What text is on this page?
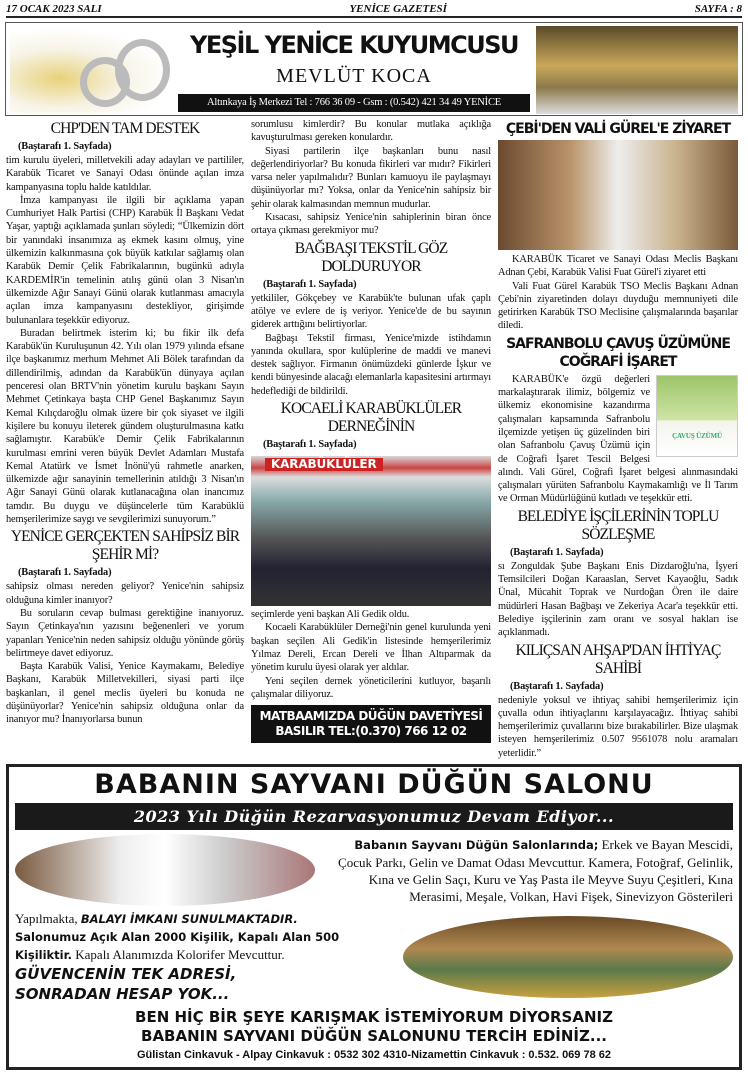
17 OCAK 2023 SALI	YENİCE GAZETESİ	SAYFA : 8
YEŞİL YENİCE KUYUMCUSU
MEVLÜT KOCA
Altınkaya İş Merkezi Tel : 766 36 09 - Gsm : (0.542) 421 34 49 YENİCE
CHP'DEN TAM DESTEK
(Baştarafı 1. Sayfada)

tim kurulu üyeleri, milletvekili aday adayları ve partililer, Karabük Ticaret ve Sanayi Odası önünde açılan imza kampanyasına toplu halde katıldılar.

İmza kampanyası ile ilgili bir açıklama yapan Cumhuriyet Halk Partisi (CHP) Karabük İl Başkanı Vedat Yaşar, yaptığı açıklamada şunları söyledi; “Ülkemizin dört bir yanındaki insanımıza aş ekmek kasını olmuş, yine ülkemizin kalkınmasına çok büyük katkılar sağlamış olan Karabük Demir Çelik Fabrikalarının, bugünkü adıyla KARDEMİR'in temelinin atılış günü olan 3 Nisan'ın ülkemizde Ağır Sanayi Günü olarak kutlanması amacıyla açılan imza kampanyasını destekliyor, girişimde bulunanlara teşekkür ediyoruz.

Buradan belirtmek isterim ki; bu fikir ilk defa Karabük'ün Kuruluşunun 42. Yılı olan 1979 yılında efsane ilçe başkanımız merhum Mehmet Ali Bölek tarafından da dillendirilmiş, adından da Karabük'ün dünyaya açılan penceresi olan BRTV'nin yönetim kurulu başkanı Sayın Mehmet Çetinkaya başta CHP Genel Başkanımız Sayın Kemal Kılıçdaroğlu olmak üzere bir çok siyaset ve ilgili kişilere bu konuyu ileterek gündem oluşturulmasına katkı sağlamıştır. Karabük'e Demir Çelik Fabrikalarının kurulması emrini veren büyük Devlet Adamları Mustafa Kemal Atatürk ve İsmet İnönü'yü rahmetle anarken, ülkemizde ağır sanayinin temellerinin atıldığı 3 Nisan'ın Ağır Sanayi Günü olarak kutlanacağına olan inancımız tamdır. Bu duygu ve düşüncelerle tüm Karabüklü hemşerilerimize saygı ve sevgilerimizi sunuyorum.”

YENİCE GERÇEKTEN SAHİPSİZ BİR ŞEHİR Mİ?
(Baştarafı 1. Sayfada)

sahipsiz olması nereden geliyor? Yenice'nin sahipsiz olduğuna kimler inanıyor?

Bu soruların cevap bulması gerektiğine inanıyoruz. Sayın Çetinkaya'nın yazısını beğenenleri ve yorum yapanları Yenice'nin neden sahipsiz olduğu yönünde görüş belirtmeye davet ediyoruz.

Başta Karabük Valisi, Yenice Kaymakamı, Belediye Başkanı, Karabük Milletvekilleri, siyasi parti ilçe başkanları, il genel meclis üyeleri bu konuda ne düşünüyorlar? Yenice'nin sahipsiz olduğuna onlar da inanıyor mu? İnanıyorlarsa bunun

sorumlusu kimlerdir? Bu konular mutlaka açıklığa kavuşturulması gereken konulardır.

Siyasi partilerin ilçe başkanları bunu nasıl değerlendiriyorlar? Bu konuda fikirleri var mıdır? Fikirleri varsa neler yapılmalıdır? Bunları kamuoyu ile paylaşmayı düşünüyorlar mı? Yoksa, onlar da Yenice'nin sahipsiz bir şehir olarak kalmasından memnun mudurlar.

Kısacası, sahipsiz Yenice'nin sahiplerinin biran önce ortaya çıkması gerekmiyor mu?

BAĞBAŞI TEKSTİL GÖZ DOLDURUYOR
(Baştarafı 1. Sayfada)

yetkililer, Gökçebey ve Karabük'te bulunan ufak çaplı atölye ve evlere de iş veriyor. Yenice'de de bu sayının giderek arttığını belirtiyorlar.

Bağbaşı Tekstil firması, Yenice'mizde istihdamın yanında okullara, spor kulüplerine de maddi ve manevi destek sağlıyor. Firmanın önümüzdeki günlerde İşkur ve kendi bünyesinde alacağı elemanlarla kapasitesini artırmayı hedeflediği de bildirildi.

KOCAELİ KARABÜKLÜLER DERNEĞİNİN
(Baştarafı 1. Sayfada)
KARABÜKLÜLER

seçimlerde yeni başkan Ali Gedik oldu.

Kocaeli Karabüklüler Derneği'nin genel kurulunda yeni başkan seçilen Ali Gedik'in listesinde hemşerilerimiz Yılmaz Dereli, Ercan Dereli ve İlhan Altıparmak da yönetim kurulu üyesi olarak yer aldılar.

Yeni seçilen dernek yöneticilerini kutluyor, başarılı çalışmalar diliyoruz.

MATBAAMIZDA DÜĞÜN DAVETİYESİ BASILIR TEL:(0.370) 766 12 02
ÇEBİ'DEN VALİ GÜREL'E ZİYARET

KARABÜK Ticaret ve Sanayi Odası Meclis Başkanı Adnan Çebi, Karabük Valisi Fuat Gürel'i ziyaret etti

Vali Fuat Gürel Karabük TSO Meclis Başkanı Adnan Çebi'nin ziyaretinden dolayı duyduğu memnuniyeti dile getirirken Karabük TSO Meclisine çalışmalarında başarılar diledi.

SAFRANBOLU ÇAVUŞ ÜZÜMÜNE COĞRAFİ İŞARET
ÇAVUŞ ÜZÜMÜ

KARABÜK'e özgü değerleri markalaştırarak ilimiz, bölgemiz ve ülkemiz ekonomisine kazandırma çalışmaları kapsamında Safranbolu ilçemizde yetişen üç güzelinden biri olan Safranbolu Çavuş Üzümü için de Coğrafi İşaret Tescil Belgesi alındı. Vali Gürel, Coğrafi İşaret belgesi alınmasındaki çalışmaları yürüten Safranbolu Kaymakamlığı ve İl Tarım ve Orman Müdürlüğünü kutladı ve teşekkür etti.

BELEDİYE İŞÇİLERİNİN TOPLU SÖZLEŞME
(Baştarafı 1. Sayfada)

sı Zonguldak Şube Başkanı Enis Dizdaroğlu'na, İşyeri Temsilcileri Doğan Karaaslan, Servet Kayaoğlu, Sadık Ünal, Mücahit Toprak ve Nurdoğan Ören ile daire müdürleri Hasan Bağbaşı ve Zekeriya Acar'a teşekkür etti. Belediye işçilerinin zam oranı ve sosyal hakları ise açıklanmadı.

KILIÇSAN AHŞAP'DAN İHTİYAÇ SAHİBİ
(Baştarafı 1. Sayfada)

nedeniyle yoksul ve ihtiyaç sahibi hemşerilerimiz için çuvalla odun ihtiyaçlarını karşılayacağız. İhtiyaç sahibi hemşerilerimiz çuvallarını bize bırakabilirler. Bize ulaşmak isteyen hemşerilerimiz 0.507 9561078 nolu aramaları yeterlidir.”

BABANIN SAYVANI DÜĞÜN SALONU
2023 Yılı Düğün Rezarvasyonumuz Devam Ediyor...
Babanın Sayvanı Düğün Salonlarında; Erkek ve Bayan Mescidi, Çocuk Parkı, Gelin ve Damat Odası Mevcuttur. Kamera, Fotoğraf, Gelinlik, Kına ve Gelin Saçı, Kuru ve Yaş Pasta ile Meyve Suyu Çeşitleri, Kına Merasimi, Meşale, Volkan, Havi Fişek, Sinevizyon Gösterileri
Yapılmakta, BALAYI İMKANI SUNULMAKTADIR.
Salonumuz Açık Alan 2000 Kişilik, Kapalı Alan 500 Kişiliktir. Kapalı Alanımızda Kolorifer Mevcuttur.
GÜVENCENİN TEK ADRESİ,
SONRADAN HESAP YOK...
BEN HİÇ BİR ŞEYE KARIŞMAK İSTEMİYORUM DİYORSANIZ
BABANIN SAYVANI DÜĞÜN SALONUNU TERCİH EDİNİZ...
Gülistan Cinkavuk - Alpay Cinkavuk : 0532 302 4310-Nizamettin Cinkavuk : 0.532. 069 78 62
